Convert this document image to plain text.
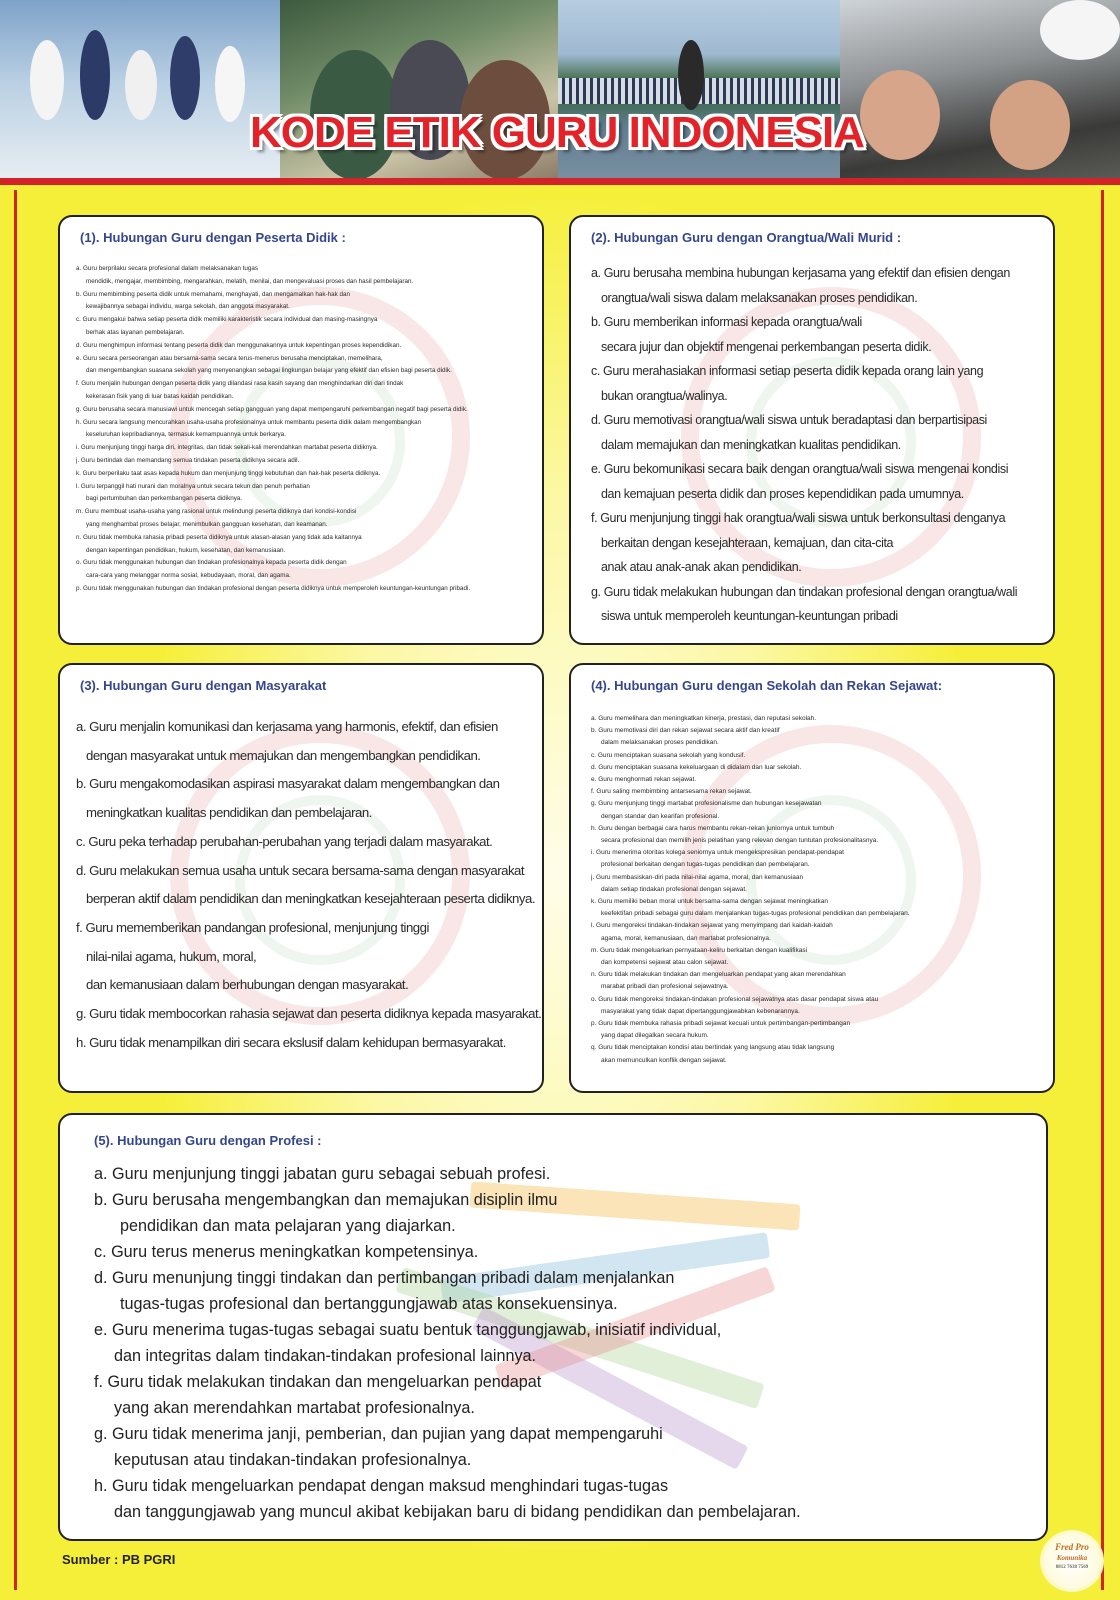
KODE ETIK GURU INDONESIA
(1). Hubungan Guru dengan Peserta Didik :
a. Guru berprilaku secara profesional dalam melaksanakan tugas
mendidik, mengajar, membimbing, mengarahkan, melatih, menilai, dan mengevaluasi proses dan hasil pembelajaran.
b. Guru membimbing peserta didik untuk memahami, menghayati, dan mengamalkan hak-hak dan
kewajibannya sebagai individu, warga sekolah, dan anggota masyarakat.
c. Guru mengakui bahwa setiap peserta didik memiliki karakteristik secara individual dan masing-masingnya
berhak atas layanan pembelajaran.
d. Guru menghimpun informasi tentang peserta didik dan menggunakannya untuk kepentingan proses kependidikan.
e. Guru secara perseorangan atau bersama-sama secara terus-menerus berusaha menciptakan, memelihara,
dan mengembangkan suasana sekolah yang menyenangkan sebagai lingkungan belajar yang efektif dan efisien bagi peserta didik.
f. Guru menjalin hubungan dengan peserta didik yang dilandasi rasa kasih sayang dan menghindarkan diri dari tindak
kekerasan fisik yang di luar batas kaidah pendidikan.
g. Guru berusaha secara manusiawi untuk mencegah setiap gangguan yang dapat mempengaruhi perkembangan negatif bagi peserta didik.
h. Guru secara langsung mencurahkan usaha-usaha profesionalnya untuk membantu peserta didik dalam mengembangkan
keseluruhan kepribadiannya, termasuk kemampuannya untuk berkarya.
i. Guru menjunjung tinggi harga diri, integritas, dan tidak sekali-kali merendahkan martabat peserta didiknya.
j. Guru bertindak dan memandang semua tindakan peserta didiknya secara adil.
k. Guru berperilaku taat asas kepada hukum dan menjunjung tinggi kebutuhan dan hak-hak peserta didiknya.
l. Guru terpanggil hati nurani dan moralnya untuk secara tekun dan penuh perhatian
bagi pertumbuhan dan perkembangan peserta didiknya.
m. Guru membuat usaha-usaha yang rasional untuk melindungi peserta didiknya dari kondisi-kondisi
yang menghambat proses belajar, menimbulkan gangguan kesehatan, dan keamanan.
n. Guru tidak membuka rahasia pribadi peserta didiknya untuk alasan-alasan yang tidak ada kaitannya
dengan kepentingan pendidikan, hukum, kesehatan, dan kemanusiaan.
o. Guru tidak menggunakan hubungan dan tindakan profesionalnya kepada peserta didik dengan
cara-cara yang melanggar norma sosial, kebudayaan, moral, dan agama.
p. Guru tidak menggunakan hubungan dan tindakan profesional dengan peserta didiknya untuk memperoleh keuntungan-keuntungan pribadi.
(2). Hubungan Guru dengan Orangtua/Wali Murid :
a. Guru berusaha membina hubungan kerjasama yang efektif dan efisien dengan
orangtua/wali siswa dalam melaksanakan proses pendidikan.
b. Guru memberikan informasi kepada orangtua/wali
secara jujur dan objektif mengenai perkembangan peserta didik.
c. Guru merahasiakan informasi setiap peserta didik kepada orang lain yang
bukan orangtua/walinya.
d. Guru memotivasi orangtua/wali siswa untuk beradaptasi dan berpartisipasi
dalam memajukan dan meningkatkan kualitas pendidikan.
e. Guru bekomunikasi secara baik dengan orangtua/wali siswa mengenai kondisi
dan kemajuan peserta didik dan proses kependidikan pada umumnya.
f. Guru menjunjung tinggi hak orangtua/wali siswa untuk berkonsultasi denganya
berkaitan dengan kesejahteraan, kemajuan, dan cita-cita
anak atau anak-anak akan pendidikan.
g. Guru tidak melakukan hubungan dan tindakan profesional dengan orangtua/wali
siswa untuk memperoleh keuntungan-keuntungan pribadi
(3). Hubungan Guru dengan Masyarakat
a. Guru menjalin komunikasi dan kerjasama yang harmonis, efektif, dan efisien
dengan masyarakat untuk memajukan dan mengembangkan pendidikan.
b. Guru mengakomodasikan aspirasi masyarakat dalam mengembangkan dan
meningkatkan kualitas pendidikan dan pembelajaran.
c. Guru peka terhadap perubahan-perubahan yang terjadi dalam masyarakat.
d. Guru melakukan semua usaha untuk secara bersama-sama dengan masyarakat
berperan aktif dalam pendidikan dan meningkatkan kesejahteraan peserta didiknya.
f. Guru mememberikan pandangan profesional, menjunjung tinggi
nilai-nilai agama, hukum, moral,
dan kemanusiaan dalam berhubungan dengan masyarakat.
g. Guru tidak membocorkan rahasia sejawat dan peserta didiknya kepada masyarakat.
h. Guru tidak menampilkan diri secara ekslusif dalam kehidupan bermasyarakat.
(4). Hubungan Guru dengan Sekolah dan Rekan Sejawat:
a. Guru memelihara dan meningkatkan kinerja, prestasi, dan reputasi sekolah.
b. Guru memotivasi diri dan rekan sejawat secara aktif dan kreatif
dalam melaksanakan proses pendidikan.
c. Guru menciptakan suasana sekolah yang kondusif.
d. Guru menciptakan suasana kekeluargaan di didalam dan luar sekolah.
e. Guru menghormati rekan sejawat.
f. Guru saling membimbing antarsesama rekan sejawat.
g. Guru menjunjung tinggi martabat profesionalisme dan hubungan kesejawatan
dengan standar dan kearifan profesional.
h. Guru dengan berbagai cara harus membantu rekan-rekan juniornya untuk tumbuh
secara profesional dan memilih jenis pelatihan yang relevan dengan tuntutan profesionalitasnya.
i. Guru menerima otoritas kolega seniornya untuk mengekspresikan pendapat-pendapat
profesional berkaitan dengan tugas-tugas pendidikan dan pembelajaran.
j. Guru membasiskan-diri pada nilai-nilai agama, moral, dan kemanusiaan
dalam setiap tindakan profesional dengan sejawat.
k. Guru memiliki beban moral untuk bersama-sama dengan sejawat meningkatkan
keefektifan pribadi sebagai guru dalam menjalankan tugas-tugas profesional pendidikan dan pembelajaran.
l. Guru mengoreksi tindakan-tindakan sejawat yang menyimpang dari kaidah-kaidah
agama, moral, kemanusiaan, dan martabat profesionalnya.
m. Guru tidak mengeluarkan pernyataan-keliru berkaitan dengan kualifikasi
dan kompetensi sejawat atau calon sejawat.
n. Guru tidak melakukan tindakan dan mengeluarkan pendapat yang akan merendahkan
marabat pribadi dan profesional sejawatnya.
o. Guru tidak mengoreksi tindakan-tindakan profesional sejawatnya atas dasar pendapat siswa atau
masyarakat yang tidak dapat dipertanggungjawabkan kebenarannya.
p. Guru tidak membuka rahasia pribadi sejawat kecuali untuk pertimbangan-pertimbangan
yang dapat dilegalkan secara hukum.
q. Guru tidak menciptakan kondisi atau bertindak yang langsung atau tidak langsung
akan memunculkan konflik dengan sejawat.
(5). Hubungan Guru dengan Profesi :
a. Guru menjunjung tinggi jabatan guru sebagai sebuah profesi.
b. Guru berusaha mengembangkan dan memajukan disiplin ilmu
pendidikan dan mata pelajaran yang diajarkan.
c. Guru terus menerus meningkatkan kompetensinya.
d. Guru menunjung tinggi tindakan dan pertimbangan pribadi dalam menjalankan
tugas-tugas profesional dan bertanggungjawab atas konsekuensinya.
e. Guru menerima tugas-tugas sebagai suatu bentuk tanggungjawab, inisiatif individual,
dan integritas dalam tindakan-tindakan profesional lainnya.
f. Guru tidak melakukan tindakan dan mengeluarkan pendapat
yang akan merendahkan martabat profesionalnya.
g. Guru tidak menerima janji, pemberian, dan pujian yang dapat mempengaruhi
keputusan atau tindakan-tindakan profesionalnya.
h. Guru tidak mengeluarkan pendapat dengan maksud menghindari tugas-tugas
dan tanggungjawab yang muncul akibat kebijakan baru di bidang pendidikan dan pembelajaran.
Sumber : PB PGRI
Fred Pro
Komunika
0812 7638 7569
